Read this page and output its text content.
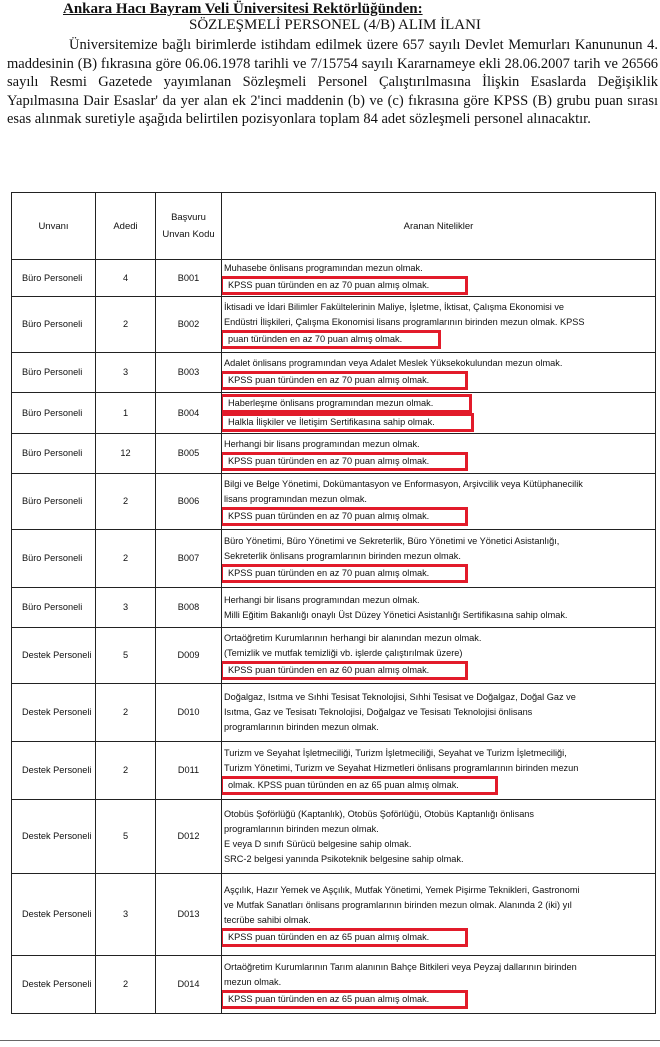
Ankara Hacı Bayram Veli Üniversitesi Rektörlüğünden:
SÖZLEŞMELİ PERSONEL (4/B) ALIM İLANI

Üniversitemize bağlı birimlerde istihdam edilmek üzere 657 sayılı Devlet Memurları Kanununun 4. maddesinin (B) fıkrasına göre 06.06.1978 tarihli ve 7/15754 sayılı Kararnameye ekli 28.06.2007 tarih ve 26566 sayılı Resmi Gazetede yayımlanan Sözleşmeli Personel Çalıştırılmasına İlişkin Esaslarda Değişiklik Yapılmasına Dair Esaslar' da yer alan ek 2'inci maddenin (b) ve (c) fıkrasına göre KPSS (B) grubu puan sırası esas alınmak suretiyle aşağıda belirtilen pozisyonlara toplam 84 adet sözleşmeli personel alınacaktır.

Unvanı	Adedi	Başvuru Unvan Kodu	Aranan Nitelikler
Büro Personeli	4	B001	Muhasebe önlisans programından mezun olmak.
KPSS puan türünden en az 70 puan almış olmak.

Büro Personeli	2	B002	İktisadi ve İdari Bilimler Fakültelerinin Maliye, İşletme, İktisat, Çalışma Ekonomisi ve
Endüstri İlişkileri, Çalışma Ekonomisi lisans programlarının birinden mezun olmak. KPSS
puan türünden en az 70 puan almış olmak.

Büro Personeli	3	B003	Adalet önlisans programından veya Adalet Meslek Yüksekokulundan mezun olmak.
KPSS puan türünden en az 70 puan almış olmak.

Büro Personeli	1	B004	Haberleşme önlisans programından mezun olmak.
Halkla İlişkiler ve İletişim Sertifikasına sahip olmak.

Büro Personeli	12	B005	Herhangi bir lisans programından mezun olmak.
KPSS puan türünden en az 70 puan almış olmak.

Büro Personeli	2	B006	Bilgi ve Belge Yönetimi, Dokümantasyon ve Enformasyon, Arşivcilik veya Kütüphanecilik
lisans programından mezun olmak.
KPSS puan türünden en az 70 puan almış olmak.

Büro Personeli	2	B007	Büro Yönetimi, Büro Yönetimi ve Sekreterlik, Büro Yönetimi ve Yönetici Asistanlığı,
Sekreterlik önlisans programlarının birinden mezun olmak.
KPSS puan türünden en az 70 puan almış olmak.

Büro Personeli	3	B008	Herhangi bir lisans programından mezun olmak.
Milli Eğitim Bakanlığı onaylı Üst Düzey Yönetici Asistanlığı Sertifikasına sahip olmak.

Destek Personeli	5	D009	Ortaöğretim Kurumlarının herhangi bir alanından mezun olmak.
(Temizlik ve mutfak temizliği vb. işlerde çalıştırılmak üzere)
KPSS puan türünden en az 60 puan almış olmak.

Destek Personeli	2	D010	Doğalgaz, Isıtma ve Sıhhi Tesisat Teknolojisi, Sıhhi Tesisat ve Doğalgaz, Doğal Gaz ve
Isıtma, Gaz ve Tesisatı Teknolojisi, Doğalgaz ve Tesisatı Teknolojisi önlisans
programlarının birinden mezun olmak.

Destek Personeli	2	D011	Turizm ve Seyahat İşletmeciliği, Turizm İşletmeciliği, Seyahat ve Turizm İşletmeciliği,
Turizm Yönetimi, Turizm ve Seyahat Hizmetleri önlisans programlarının birinden mezun
olmak. KPSS puan türünden en az 65 puan almış olmak.

Destek Personeli	5	D012	Otobüs Şoförlüğü (Kaptanlık), Otobüs Şoförlüğü, Otobüs Kaptanlığı önlisans
programlarının birinden mezun olmak.
E veya D sınıfı Sürücü belgesine sahip olmak.
SRC-2 belgesi yanında Psikoteknik belgesine sahip olmak.

Destek Personeli	3	D013	Aşçılık, Hazır Yemek ve Aşçılık, Mutfak Yönetimi, Yemek Pişirme Teknikleri, Gastronomi
ve Mutfak Sanatları önlisans programlarının birinden mezun olmak. Alanında 2 (iki) yıl
tecrübe sahibi olmak.
KPSS puan türünden en az 65 puan almış olmak.

Destek Personeli	2	D014	Ortaöğretim Kurumlarının Tarım alanının Bahçe Bitkileri veya Peyzaj dallarının birinden
mezun olmak.
KPSS puan türünden en az 65 puan almış olmak.
